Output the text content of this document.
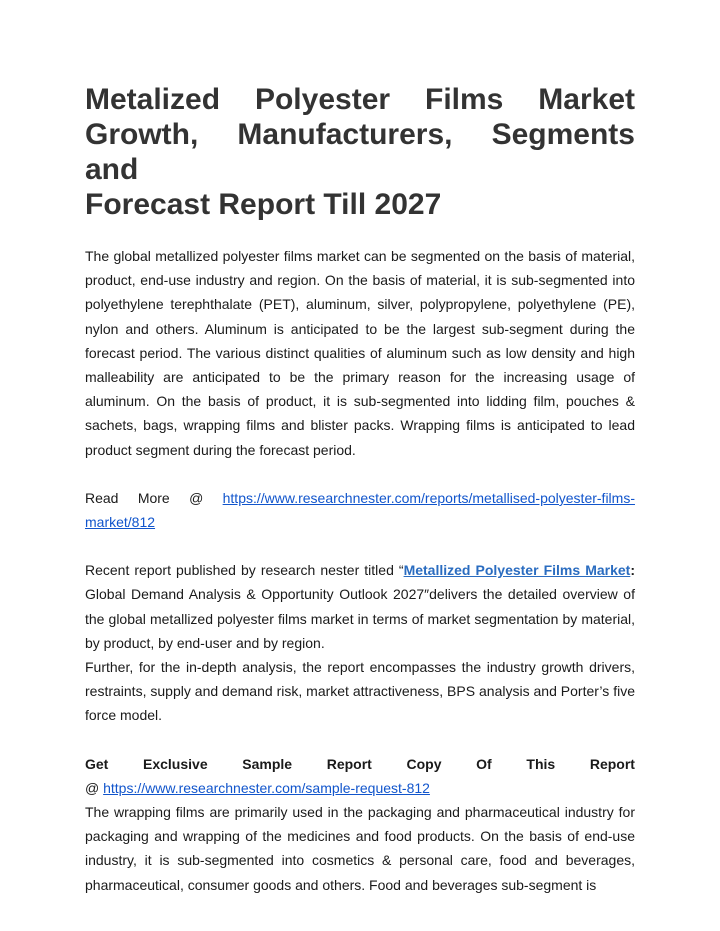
Metalized Polyester Films Market
Growth, Manufacturers, Segments and
Forecast Report Till 2027

The global metallized polyester films market can be segmented on the basis of material, product, end-use industry and region. On the basis of material, it is sub-segmented into polyethylene terephthalate (PET), aluminum, silver, polypropylene, polyethylene (PE), nylon and others. Aluminum is anticipated to be the largest sub-segment during the forecast period. The various distinct qualities of aluminum such as low density and high malleability are anticipated to be the primary reason for the increasing usage of aluminum. On the basis of product, it is sub-segmented into lidding film, pouches & sachets, bags, wrapping films and blister packs. Wrapping films is anticipated to lead product segment during the forecast period.

Read More @ https://www.researchnester.com/reports/metallised-polyester-films-
market/812

Recent report published by research nester titled “Metallized Polyester Films Market: Global Demand Analysis & Opportunity Outlook 2027″delivers the detailed overview of the global metallized polyester films market in terms of market segmentation by material, by product, by end-user and by region.

Further, for the in-depth analysis, the report encompasses the industry growth drivers, restraints, supply and demand risk, market attractiveness, BPS analysis and Porter’s five force model.

Get Exclusive Sample Report Copy Of This Report
@ https://www.researchnester.com/sample-request-812

The wrapping films are primarily used in the packaging and pharmaceutical industry for packaging and wrapping of the medicines and food products. On the basis of end-use industry, it is sub-segmented into cosmetics & personal care, food and beverages, pharmaceutical, consumer goods and others. Food and beverages sub-segment is
